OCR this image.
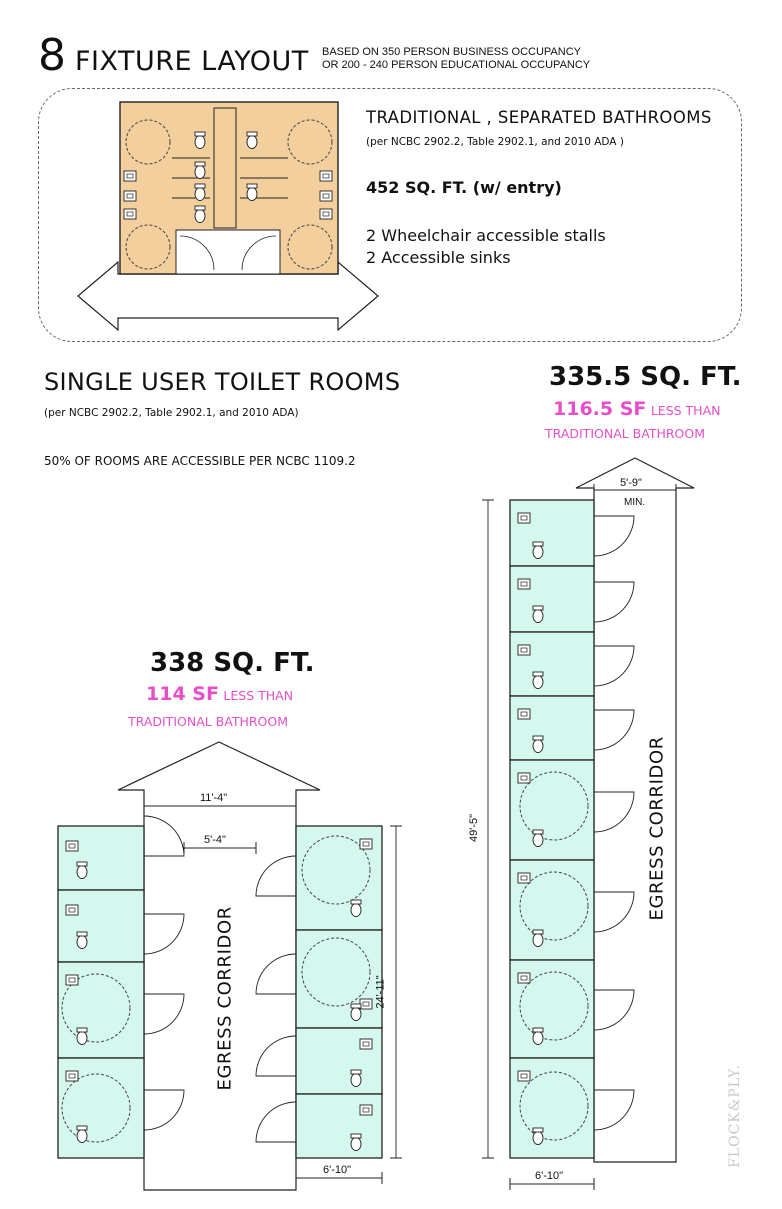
8 FIXTURE LAYOUT BASED ON 350 PERSON BUSINESS OCCUPANCY
OR 200 - 240 PERSON EDUCATIONAL OCCUPANCY
TRADITIONAL , SEPARATED BATHROOMS
(per NCBC 2902.2, Table 2902.1, and 2010 ADA )
452 SQ. FT. (w/ entry)
2 Wheelchair accessible stalls
2 Accessible sinks
SINGLE USER TOILET ROOMS
(per NCBC 2902.2, Table 2902.1, and 2010 ADA)
50% OF ROOMS ARE ACCESSIBLE PER NCBC 1109.2
338 SQ. FT.
114 SF LESS THAN
TRADITIONAL BATHROOM
11'-4"
5'-4"
24'-11"
6'-10"
EGRESS CORRIDOR
335.5 SQ. FT.
116.5 SF LESS THAN
TRADITIONAL BATHROOM
5'-9"
MIN.
49'-5"
6'-10"
EGRESS CORRIDOR
FLOCK&PLY.
